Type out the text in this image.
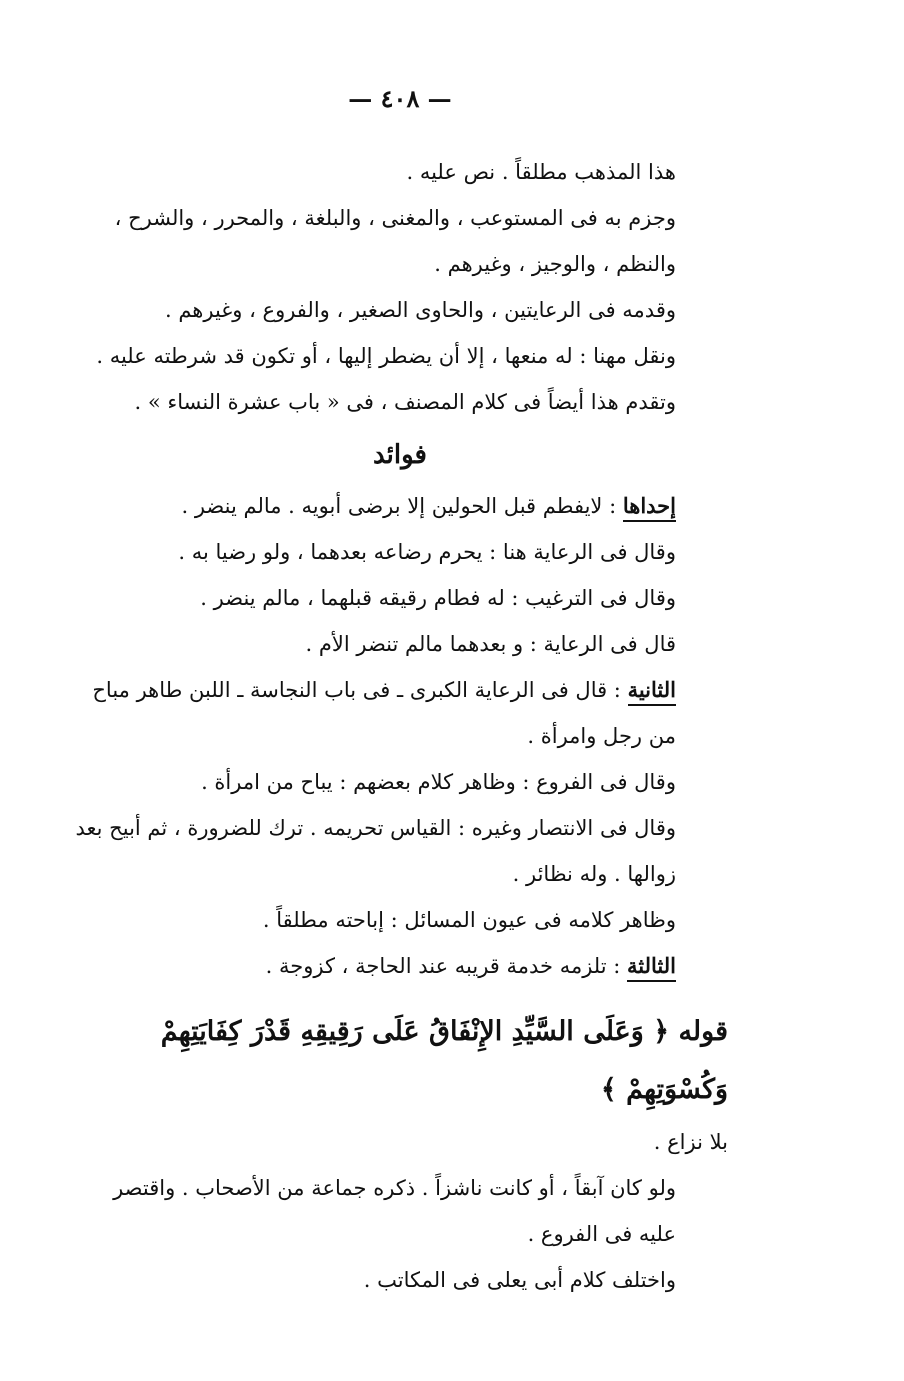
— ٤٠٨ —

هذا المذهب مطلقاً . نص عليه .

وجزم به فى المستوعب ، والمغنى ، والبلغة ، والمحرر ، والشرح ، والنظم ، والوجيز ، وغيرهم .

وقدمه فى الرعايتين ، والحاوى الصغير ، والفروع ، وغيرهم .

ونقل مهنا : له منعها ، إلا أن يضطر إليها ، أو تكون قد شرطته عليه .

وتقدم هذا أيضاً فى كلام المصنف ، فى « باب عشرة النساء » .

فوائد

إحداها : لايفطم قبل الحولين إلا برضى أبويه . مالم ينضر .

وقال فى الرعاية هنا : يحرم رضاعه بعدهما ، ولو رضيا به .

وقال فى الترغيب : له فطام رقيقه قبلهما ، مالم ينضر .

قال فى الرعاية : و بعدهما مالم تنضر الأم .

الثانية : قال فى الرعاية الكبرى ـ فى باب النجاسة ـ اللبن طاهر مباح من رجل وامرأة .

وقال فى الفروع : وظاهر كلام بعضهم : يباح من امرأة .

وقال فى الانتصار وغيره : القياس تحريمه . ترك للضرورة ، ثم أبيح بعد زوالها . وله نظائر .

وظاهر كلامه فى عيون المسائل : إباحته مطلقاً .

الثالثة : تلزمه خدمة قريبه عند الحاجة ، كزوجة .

قوله ﴿ وَعَلَى السَّيِّدِ الإِنْفَاقُ عَلَى رَقِيقِهِ قَدْرَ كِفَايَتِهِمْ وَكُسْوَتِهِمْ ﴾

بلا نزاع .

ولو كان آبقاً ، أو كانت ناشزاً . ذكره جماعة من الأصحاب . واقتصر عليه فى الفروع .

واختلف كلام أبى يعلى فى المكاتب .
